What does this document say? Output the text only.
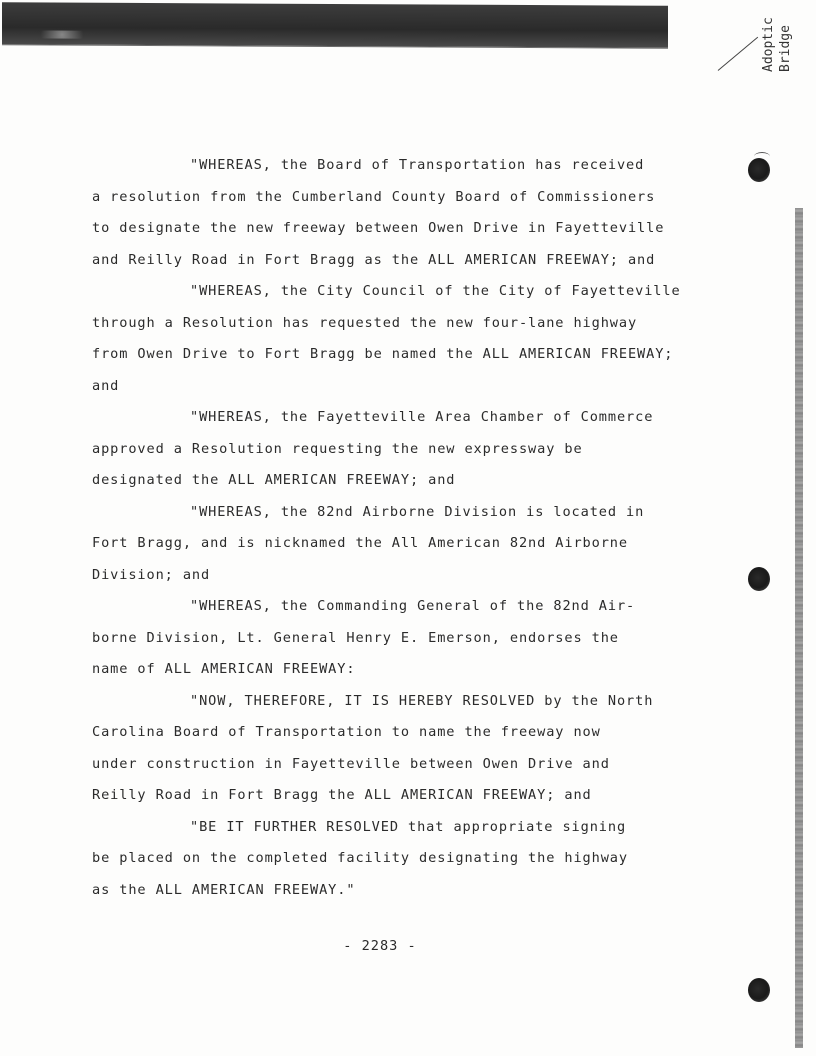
Adoptic Bridge
"WHEREAS, the Board of Transportation has received
a resolution from the Cumberland County Board of Commissioners
to designate the new freeway between Owen Drive in Fayetteville
and Reilly Road in Fort Bragg as the ALL AMERICAN FREEWAY; and
"WHEREAS, the City Council of the City of Fayetteville
through a Resolution has requested the new four-lane highway
from Owen Drive to Fort Bragg be named the ALL AMERICAN FREEWAY;
and
"WHEREAS, the Fayetteville Area Chamber of Commerce
approved a Resolution requesting the new expressway be
designated the ALL AMERICAN FREEWAY; and
"WHEREAS, the 82nd Airborne Division is located in
Fort Bragg, and is nicknamed the All American 82nd Airborne
Division; and
"WHEREAS, the Commanding General of the 82nd Air-
borne Division, Lt. General Henry E. Emerson, endorses the
name of ALL AMERICAN FREEWAY:
"NOW, THEREFORE, IT IS HEREBY RESOLVED by the North
Carolina Board of Transportation to name the freeway now
under construction in Fayetteville between Owen Drive and
Reilly Road in Fort Bragg the ALL AMERICAN FREEWAY; and
"BE IT FURTHER RESOLVED that appropriate signing
be placed on the completed facility designating the highway
as the ALL AMERICAN FREEWAY."
- 2283 -
